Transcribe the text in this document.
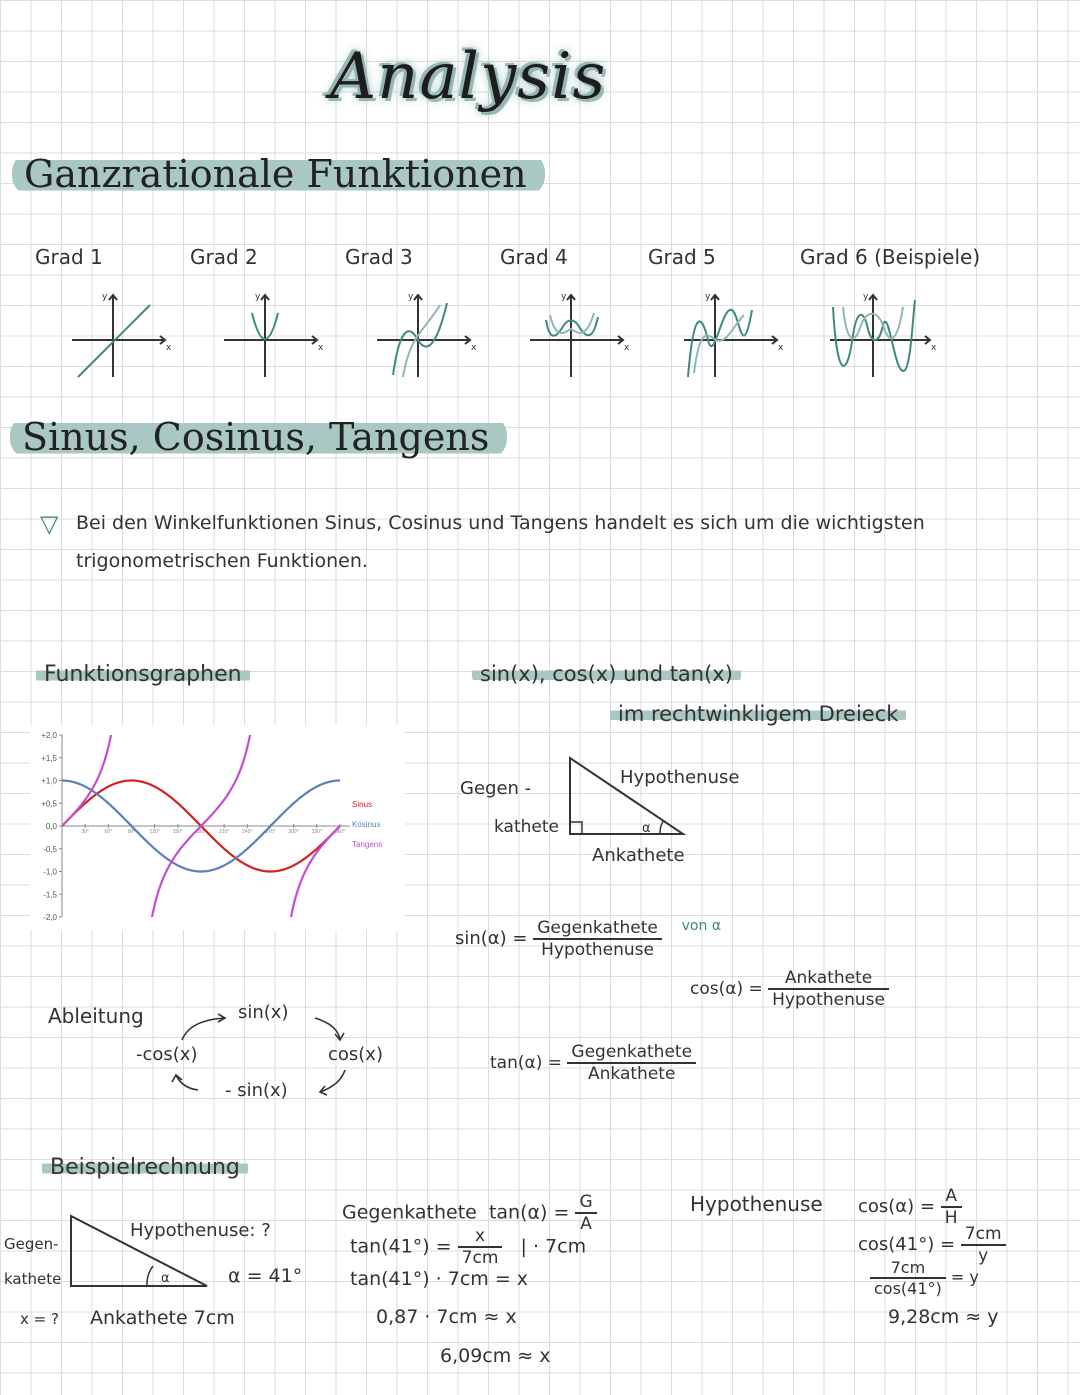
Analysis
Ganzrationale Funktionen
Grad 1	Grad 2	Grad 3	Grad 4	Grad 5	Grad 6 (Beispiele)
x	x	x	x	x	x
y	y	y	y	y	y
Sinus, Cosinus, Tangens
▽ Bei den Winkelfunktionen Sinus, Cosinus und Tangens handelt es sich um die wichtigsten
trigonometrischen Funktionen.
Funktionsgraphen
+2,0
+1,5
+1,0
+0,5
0,0
-0,5
-1,0
-1,5
-2,0
30°	60°	90°	120°	150°	180°	210°	240°	270°	300°	330°	360°
Sinus
Kosinus
Tangens
sin(x), cos(x) und tan(x)
im rechtwinkligem Dreieck
α
Gegen -
kathete
Hypothenuse
Ankathete
$\sin(\alpha) = \frac{\text{Gegenkathete}}{\text{Hypothenuse}} ^{von \alpha}$
$\cos(\alpha) = \frac{\text{Ankathete}}{\text{Hypothenuse}}$
$\tan(\alpha) = \frac{\text{Gegenkathete}}{\text{Ankathete}}$
Ableitung	sin(x)
cos(x)
- sin(x)
-cos(x)
Beispielrechnung
α
Gegen-
kathete
Hypothenuse: ?
α = 41°
x = ? Ankathete 7cm
Gegenkathete $\tan(\alpha) = \frac{G}{A}$
$\tan(41^\circ) = \frac{x}{7cm}$ | · 7cm
tan(41°) · 7cm = x
0,87 · 7cm ≈ x
6,09cm ≈ x
Hypothenuse $\cos(\alpha) = \frac{A}{H}$
$\cos(41^\circ) = \frac{7cm}{y}$
$\frac{7cm}{\cos(41^\circ)} = y$
9,28cm ≈ y
